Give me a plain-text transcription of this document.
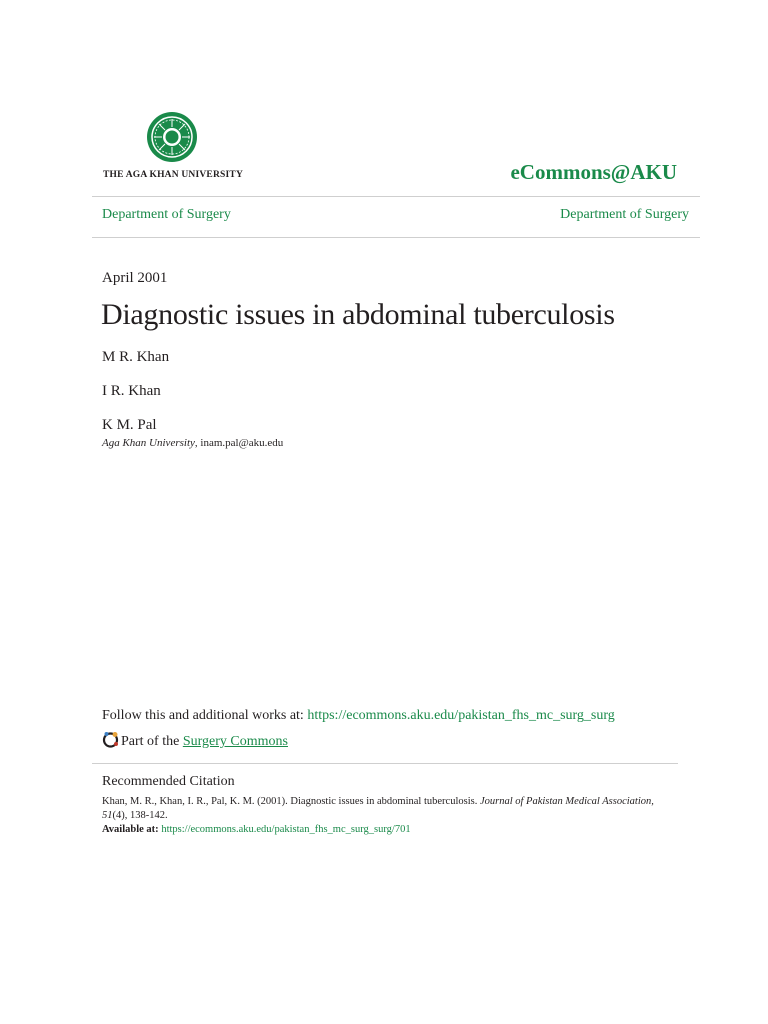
THE AGA KHAN UNIVERSITY	eCommons@AKU
Department of Surgery	Department of Surgery
April 2001
Diagnostic issues in abdominal tuberculosis
M R. Khan
I R. Khan
K M. Pal
Aga Khan University, inam.pal@aku.edu
Follow this and additional works at: https://ecommons.aku.edu/pakistan_fhs_mc_surg_surg
Part of the Surgery Commons
Recommended Citation
Khan, M. R., Khan, I. R., Pal, K. M. (2001). Diagnostic issues in abdominal tuberculosis. Journal of Pakistan Medical Association, 51(4), 138-142.
Available at: https://ecommons.aku.edu/pakistan_fhs_mc_surg_surg/701
